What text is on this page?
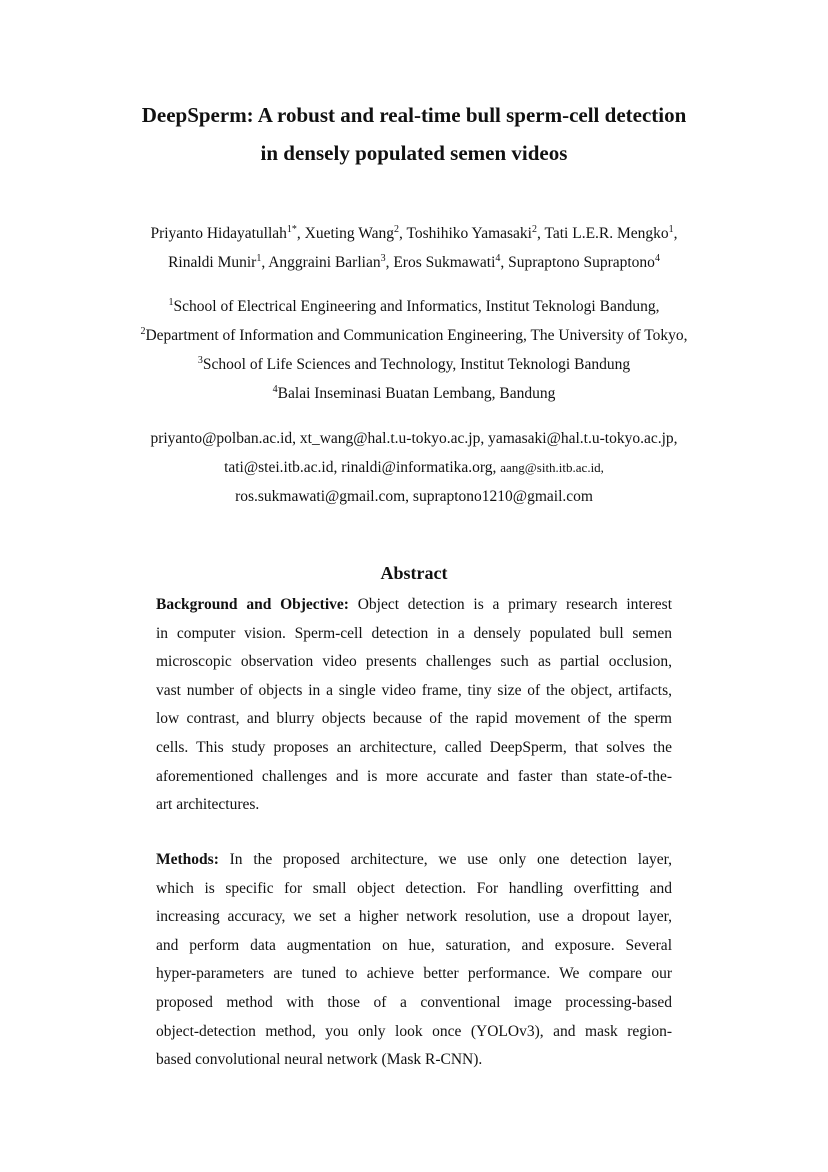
DeepSperm: A robust and real-time bull sperm-cell detection
in densely populated semen videos
Priyanto Hidayatullah$^{1*}$, Xueting Wang$^2$, Toshihiko Yamasaki$^2$, Tati L.E.R. Mengko$^1$,
Rinaldi Munir$^1$, Anggraini Barlian$^3$, Eros Sukmawati$^4$, Supraptono Supraptono$^4$
$^1$School of Electrical Engineering and Informatics, Institut Teknologi Bandung,
$^2$Department of Information and Communication Engineering, The University of Tokyo,
$^3$School of Life Sciences and Technology, Institut Teknologi Bandung
$^4$Balai Inseminasi Buatan Lembang, Bandung
priyanto@polban.ac.id, xt_wang@hal.t.u-tokyo.ac.jp, yamasaki@hal.t.u-tokyo.ac.jp,
tati@stei.itb.ac.id, rinaldi@informatika.org, aang@sith.itb.ac.id,
ros.sukmawati@gmail.com, supraptono1210@gmail.com
Abstract
Background and Objective: Object detection is a primary research interest
in computer vision. Sperm-cell detection in a densely populated bull semen
microscopic observation video presents challenges such as partial occlusion,
vast number of objects in a single video frame, tiny size of the object, artifacts,
low contrast, and blurry objects because of the rapid movement of the sperm
cells. This study proposes an architecture, called DeepSperm, that solves the
aforementioned challenges and is more accurate and faster than state-of-the-
art architectures.
Methods: In the proposed architecture, we use only one detection layer,
which is specific for small object detection. For handling overfitting and
increasing accuracy, we set a higher network resolution, use a dropout layer,
and perform data augmentation on hue, saturation, and exposure. Several
hyper-parameters are tuned to achieve better performance. We compare our
proposed method with those of a conventional image processing-based
object-detection method, you only look once (YOLOv3), and mask region-
based convolutional neural network (Mask R-CNN).
